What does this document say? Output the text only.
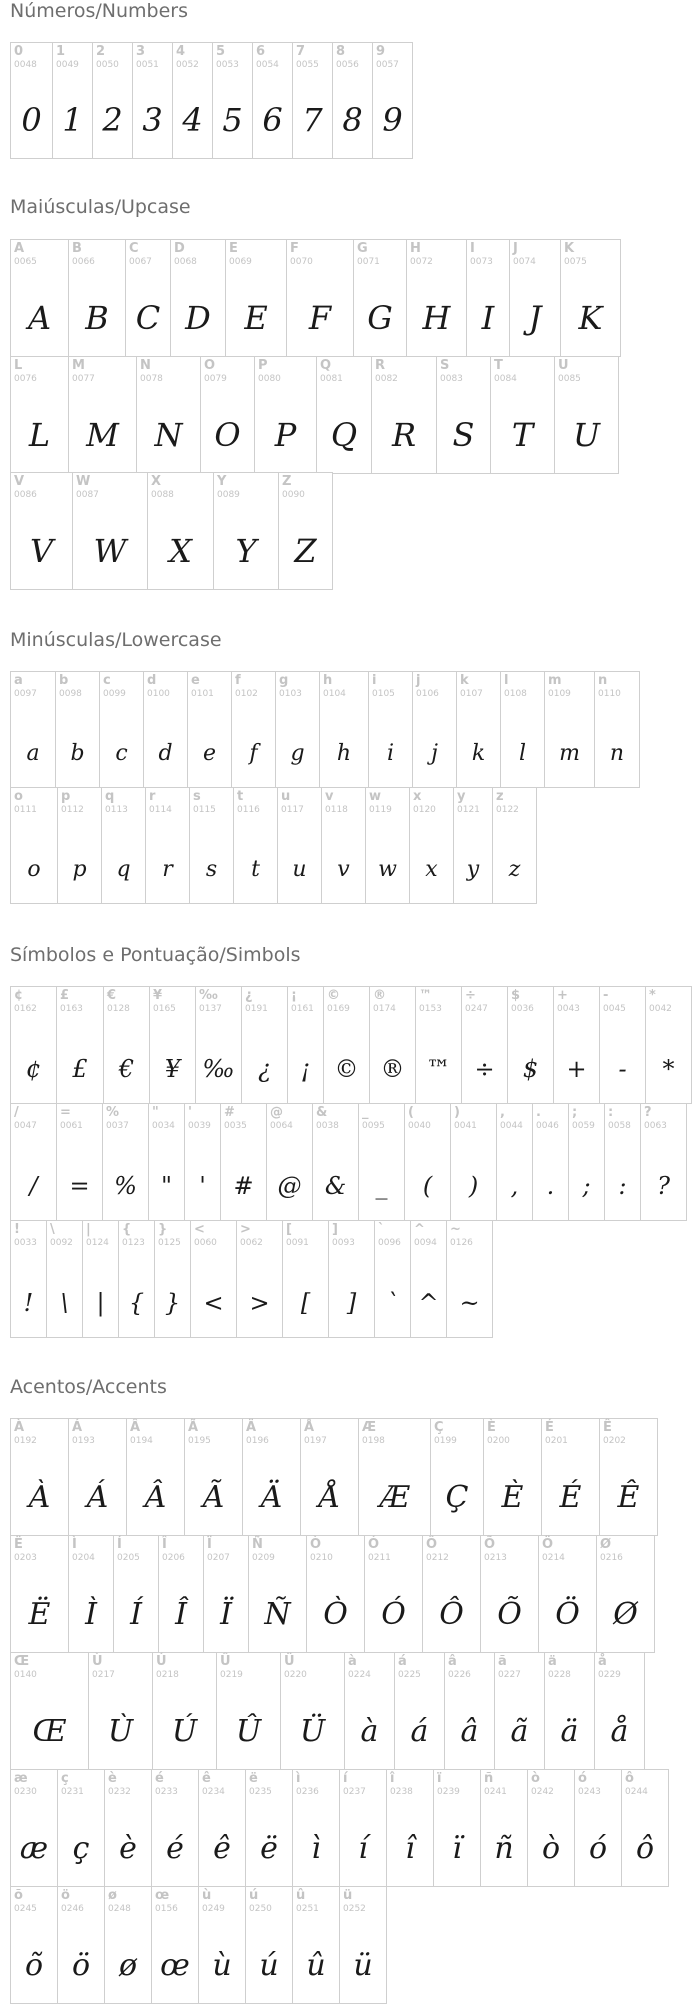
Números/Numbers
Maiúsculas/Upcase
Minúsculas/Lowercase
Símbolos e Pontuação/Simbols
Acentos/Accents
0
0048
0
1
0049
1
2
0050
2
3
0051
3
4
0052
4
5
0053
5
6
0054
6
7
0055
7
8
0056
8
9
0057
9
A
0065
A
B
0066
B
C
0067
C
D
0068
D
E
0069
E
F
0070
F
G
0071
G
H
0072
H
I
0073
I
J
0074
J
K
0075
K
L
0076
L
M
0077
M
N
0078
N
O
0079
O
P
0080
P
Q
0081
Q
R
0082
R
S
0083
S
T
0084
T
U
0085
U
V
0086
V
W
0087
W
X
0088
X
Y
0089
Y
Z
0090
Z
a
0097
a
b
0098
b
c
0099
c
d
0100
d
e
0101
e
f
0102
f
g
0103
g
h
0104
h
i
0105
i
j
0106
j
k
0107
k
l
0108
l
m
0109
m
n
0110
n
o
0111
o
p
0112
p
q
0113
q
r
0114
r
s
0115
s
t
0116
t
u
0117
u
v
0118
v
w
0119
w
x
0120
x
y
0121
y
z
0122
z
¢
0162
¢
£
0163
£
€
0128
€
¥
0165
¥
‰
0137
‰
¿
0191
¿
¡
0161
¡
©
0169
©
®
0174
®
™
0153
™
÷
0247
÷
$
0036
$
+
0043
+
-
0045
-
*
0042
*
/
0047
/
=
0061
=
%
0037
%
"
0034
"
'
0039
'
#
0035
#
@
0064
@
&
0038
&
_
0095
_
(
0040
(
)
0041
)
,
0044
,
.
0046
.
;
0059
;
:
0058
:
?
0063
?
!
0033
!
\
0092
\
|
0124
|
{
0123
{
}
0125
}
<
0060
<
>
0062
>
[
0091
[
]
0093
]
`
0096
`
^
0094
^
~
0126
~
À
0192
À
Á
0193
Á
Â
0194
Â
Ã
0195
Ã
Ä
0196
Ä
Å
0197
Å
Æ
0198
Æ
Ç
0199
Ç
È
0200
È
É
0201
É
Ê
0202
Ê
Ë
0203
Ë
Ì
0204
Ì
Í
0205
Í
Î
0206
Î
Ï
0207
Ï
Ñ
0209
Ñ
Ò
0210
Ò
Ó
0211
Ó
Ô
0212
Ô
Õ
0213
Õ
Ö
0214
Ö
Ø
0216
Ø
Œ
0140
Œ
Ù
0217
Ù
Ú
0218
Ú
Û
0219
Û
Ü
0220
Ü
à
0224
à
á
0225
á
â
0226
â
ã
0227
ã
ä
0228
ä
å
0229
å
æ
0230
æ
ç
0231
ç
è
0232
è
é
0233
é
ê
0234
ê
ë
0235
ë
ì
0236
ì
í
0237
í
î
0238
î
ï
0239
ï
ñ
0241
ñ
ò
0242
ò
ó
0243
ó
ô
0244
ô
õ
0245
õ
ö
0246
ö
ø
0248
ø
œ
0156
œ
ù
0249
ù
ú
0250
ú
û
0251
û
ü
0252
ü
